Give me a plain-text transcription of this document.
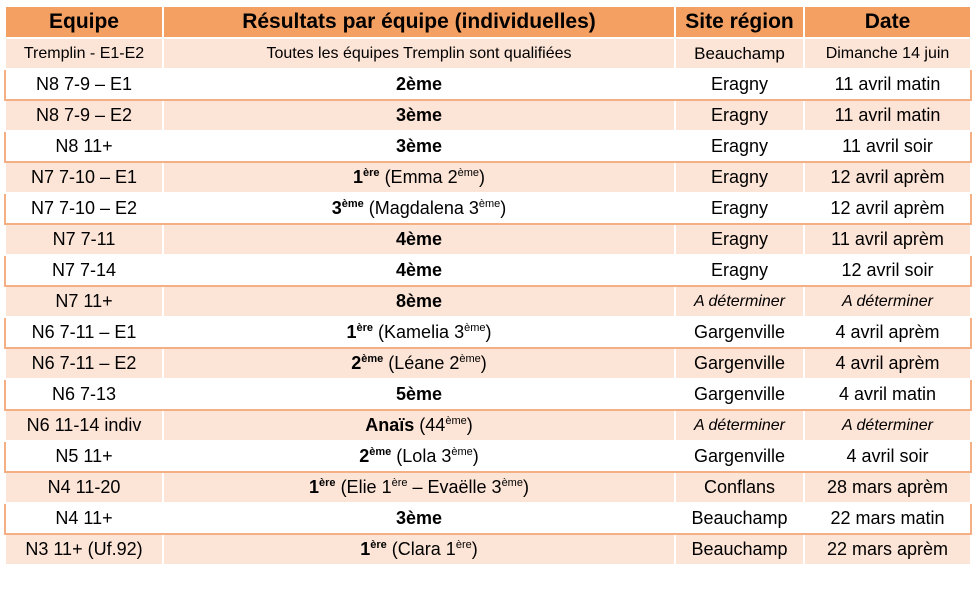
Equipe	Résultats par équipe (individuelles)	Site région	Date
Tremplin - E1-E2	Toutes les équipes Tremplin sont qualifiées	Beauchamp	Dimanche 14 juin
N8 7-9 – E1	2ème	Eragny	11 avril matin
N8 7-9 – E2	3ème	Eragny	11 avril matin
N8 11+	3ème	Eragny	11 avril soir
N7 7-10 – E1	1ère (Emma 2ème)	Eragny	12 avril aprèm
N7 7-10 – E2	3ème (Magdalena 3ème)	Eragny	12 avril aprèm
N7 7-11	4ème	Eragny	11 avril aprèm
N7 7-14	4ème	Eragny	12 avril soir
N7 11+	8ème	A déterminer	A déterminer
N6 7-11 – E1	1ère (Kamelia 3ème)	Gargenville	4 avril aprèm
N6 7-11 – E2	2ème (Léane 2ème)	Gargenville	4 avril aprèm
N6 7-13	5ème	Gargenville	4 avril matin
N6 11-14 indiv	Anaïs (44ème)	A déterminer	A déterminer
N5 11+	2ème (Lola 3ème)	Gargenville	4 avril soir
N4 11-20	1ère (Elie 1ère – Evaëlle 3ème)	Conflans	28 mars aprèm
N4 11+	3ème	Beauchamp	22 mars matin
N3 11+ (Uf.92)	1ère (Clara 1ère)	Beauchamp	22 mars aprèm
